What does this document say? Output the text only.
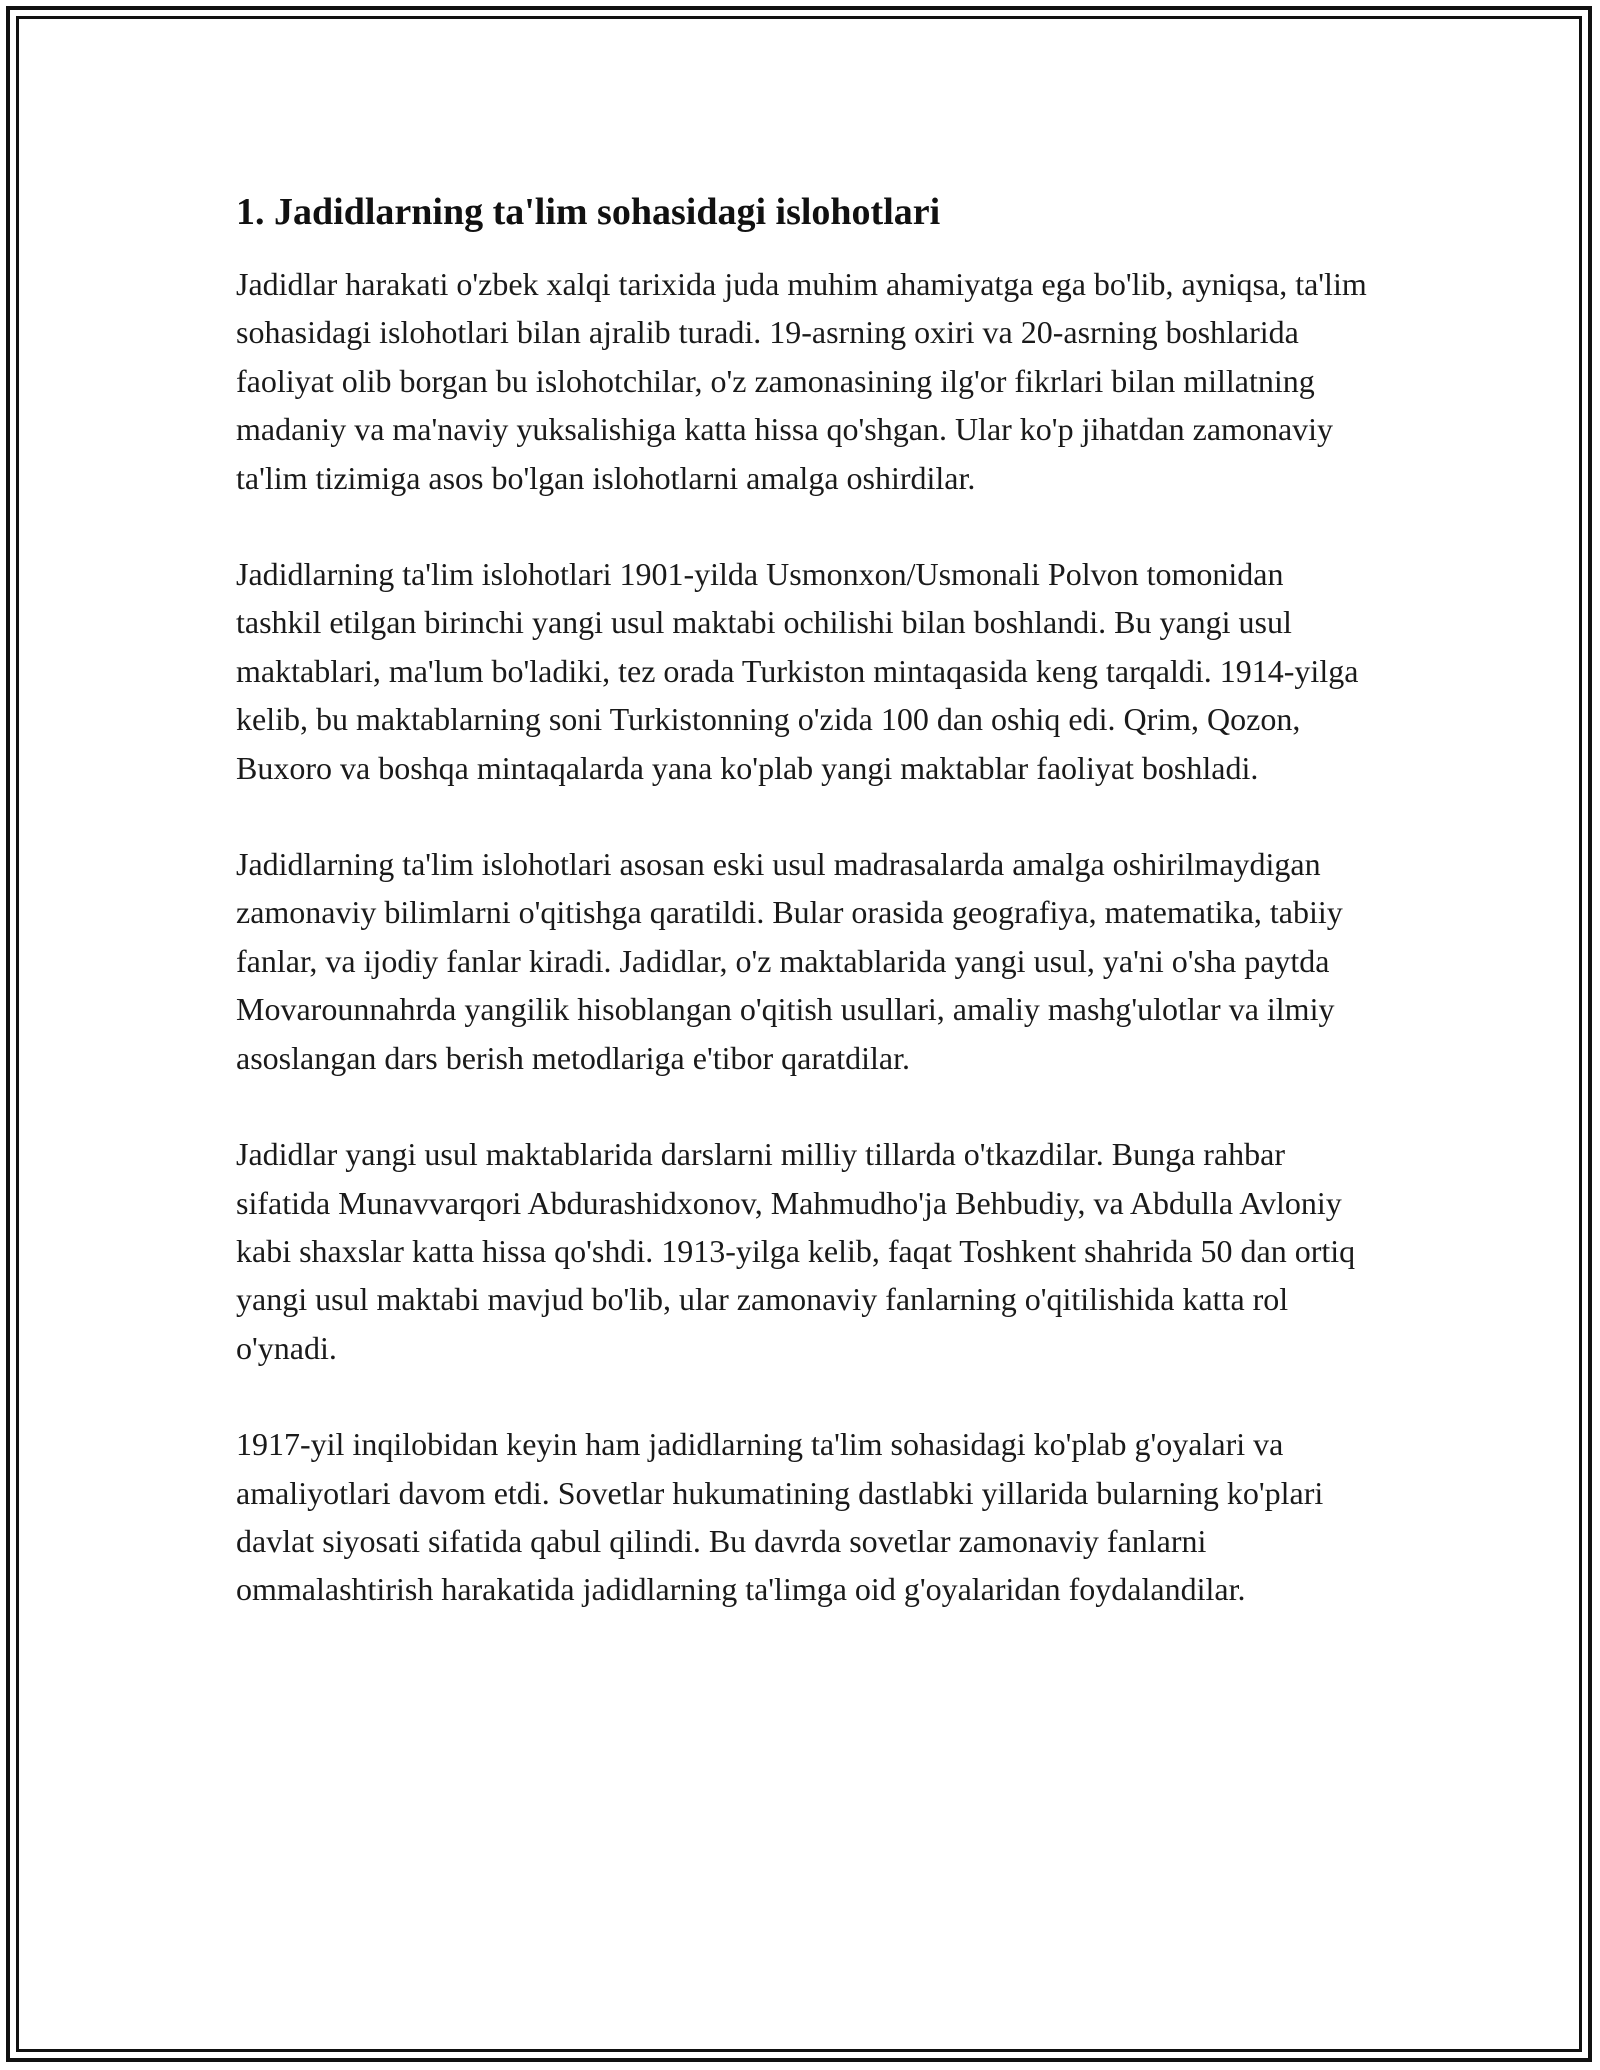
1. Jadidlarning ta'lim sohasidagi islohotlari

Jadidlar harakati o'zbek xalqi tarixida juda muhim ahamiyatga ega bo'lib, ayniqsa, ta'lim sohasidagi islohotlari bilan ajralib turadi. 19-asrning oxiri va 20-asrning boshlarida faoliyat olib borgan bu islohotchilar, o'z zamonasining ilg'or fikrlari bilan millatning madaniy va ma'naviy yuksalishiga katta hissa qo'shgan. Ular ko'p jihatdan zamonaviy ta'lim tizimiga asos bo'lgan islohotlarni amalga oshirdilar.

Jadidlarning ta'lim islohotlari 1901-yilda Usmonxon/Usmonali Polvon tomonidan tashkil etilgan birinchi yangi usul maktabi ochilishi bilan boshlandi. Bu yangi usul maktablari, ma'lum bo'ladiki, tez orada Turkiston mintaqasida keng tarqaldi. 1914-yilga kelib, bu maktablarning soni Turkistonning o'zida 100 dan oshiq edi. Qrim, Qozon, Buxoro va boshqa mintaqalarda yana ko'plab yangi maktablar faoliyat boshladi.

Jadidlarning ta'lim islohotlari asosan eski usul madrasalarda amalga oshirilmaydigan zamonaviy bilimlarni o'qitishga qaratildi. Bular orasida geografiya, matematika, tabiiy fanlar, va ijodiy fanlar kiradi. Jadidlar, o'z maktablarida yangi usul, ya'ni o'sha paytda Movarounnahrda yangilik hisoblangan o'qitish usullari, amaliy mashg'ulotlar va ilmiy asoslangan dars berish metodlariga e'tibor qaratdilar.

Jadidlar yangi usul maktablarida darslarni milliy tillarda o'tkazdilar. Bunga rahbar sifatida Munavvarqori Abdurashidxonov, Mahmudho'ja Behbudiy, va Abdulla Avloniy kabi shaxslar katta hissa qo'shdi. 1913-yilga kelib, faqat Toshkent shahrida 50 dan ortiq yangi usul maktabi mavjud bo'lib, ular zamonaviy fanlarning o'qitilishida katta rol o'ynadi.

1917-yil inqilobidan keyin ham jadidlarning ta'lim sohasidagi ko'plab g'oyalari va amaliyotlari davom etdi. Sovetlar hukumatining dastlabki yillarida bularning ko'plari davlat siyosati sifatida qabul qilindi. Bu davrda sovetlar zamonaviy fanlarni ommalashtirish harakatida jadidlarning ta'limga oid g'oyalaridan foydalandilar.
